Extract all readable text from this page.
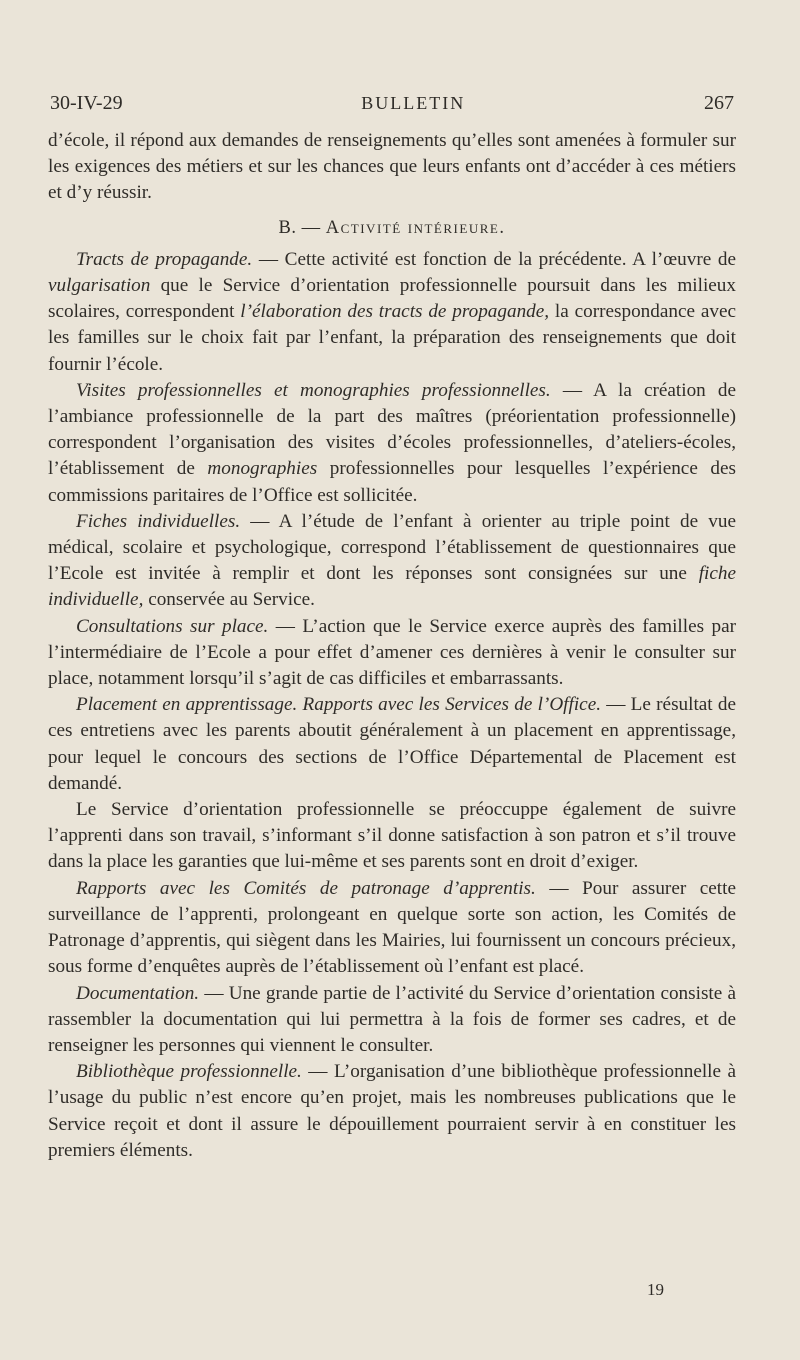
30-IV-29	BULLETIN	267

d’école, il répond aux demandes de renseignements qu’elles sont amenées à formuler sur les exigences des métiers et sur les chances que leurs enfants ont d’accéder à ces métiers et d’y réussir.

B. — Activité intérieure.

Tracts de propagande. — Cette activité est fonction de la précédente. A l’œuvre de vulgarisation que le Service d’orientation professionnelle poursuit dans les milieux scolaires, correspondent l’élaboration des tracts de propagande, la correspondance avec les familles sur le choix fait par l’enfant, la préparation des renseignements que doit fournir l’école.

Visites professionnelles et monographies professionnelles. — A la création de l’ambiance professionnelle de la part des maîtres (préorientation professionnelle) correspondent l’organisation des visites d’écoles professionnelles, d’ateliers-écoles, l’établissement de monographies professionnelles pour lesquelles l’expérience des commissions paritaires de l’Office est sollicitée.

Fiches individuelles. — A l’étude de l’enfant à orienter au triple point de vue médical, scolaire et psychologique, correspond l’établissement de questionnaires que l’Ecole est invitée à remplir et dont les réponses sont consignées sur une fiche individuelle, conservée au Service.

Consultations sur place. — L’action que le Service exerce auprès des familles par l’intermédiaire de l’Ecole a pour effet d’amener ces dernières à venir le consulter sur place, notamment lorsqu’il s’agit de cas difficiles et embarrassants.

Placement en apprentissage. Rapports avec les Services de l’Office. — Le résultat de ces entretiens avec les parents aboutit généralement à un placement en apprentissage, pour lequel le concours des sections de l’Office Départemental de Placement est demandé.

Le Service d’orientation professionnelle se préoccuppe également de suivre l’apprenti dans son travail, s’informant s’il donne satisfaction à son patron et s’il trouve dans la place les garanties que lui-même et ses parents sont en droit d’exiger.

Rapports avec les Comités de patronage d’apprentis. — Pour assurer cette surveillance de l’apprenti, prolongeant en quelque sorte son action, les Comités de Patronage d’apprentis, qui siègent dans les Mairies, lui fournissent un concours précieux, sous forme d’enquêtes auprès de l’établissement où l’enfant est placé.

Documentation. — Une grande partie de l’activité du Service d’orientation consiste à rassembler la documentation qui lui permettra à la fois de former ses cadres, et de renseigner les personnes qui viennent le consulter.

Bibliothèque professionnelle. — L’organisation d’une bibliothèque professionnelle à l’usage du public n’est encore qu’en projet, mais les nombreuses publications que le Service reçoit et dont il assure le dépouillement pourraient servir à en constituer les premiers éléments.

19
